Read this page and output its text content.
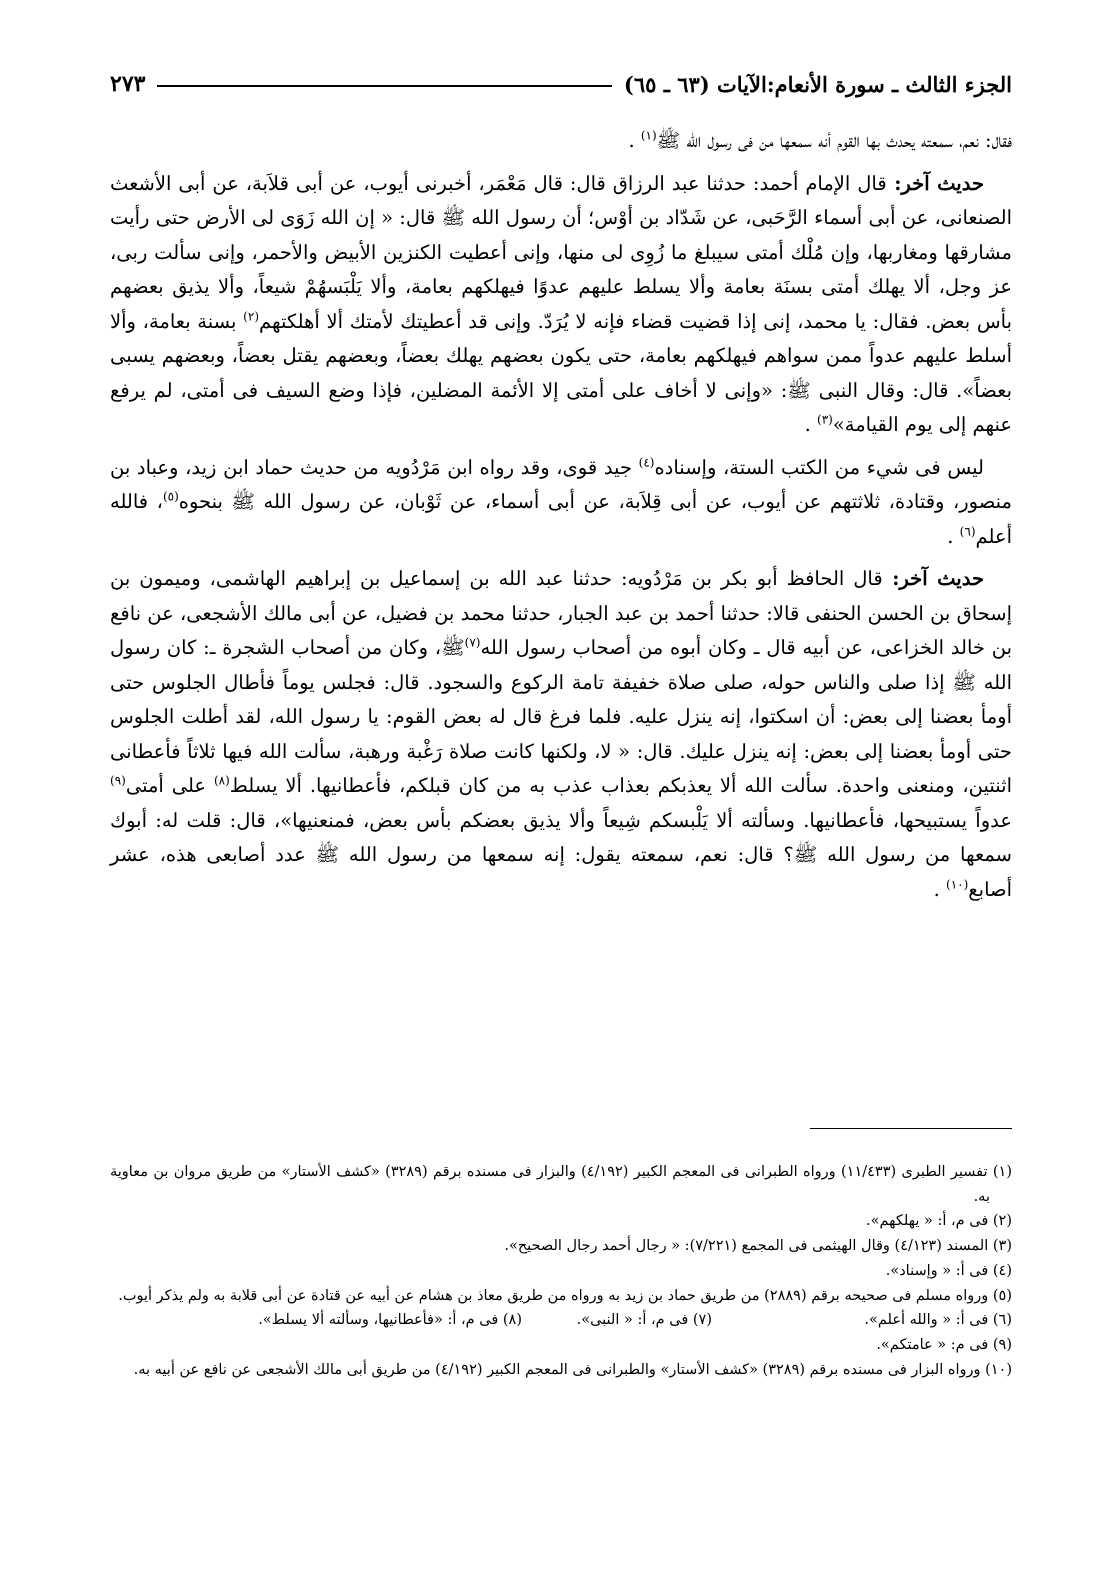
الجزء الثالث ـ سورة الأنعام:الآيات (٦٣ ـ ٦٥)
٢٧٣

فقال: نعم، سمعته يحدث بها القوم أنه سمعها من فى رسول الله ﷺ$^{(١)}$ .

حديث آخر: قال الإمام أحمد: حدثنا عبد الرزاق قال: قال مَعْمَر، أخبرنى أيوب، عن أبى قلاَبة، عن أبى الأشعث الصنعانى، عن أبى أسماء الرَّحَبى، عن شَدّاد بن أوْس؛ أن رسول الله ﷺ قال: « إن الله زَوَى لى الأرض حتى رأيت مشارقها ومغاربها، وإن مُلْك أمتى سيبلغ ما زُوِى لى منها، وإنى أعطيت الكنزين الأبيض والأحمر، وإنى سألت ربى، عز وجل، ألا يهلك أمتى بسنَة بعامة وألا يسلط عليهم عدوًا فيهلكهم بعامة، وألا يَلْبَسهُمْ شيعاً، وألا يذيق بعضهم بأس بعض. فقال: يا محمد، إنى إذا قضيت قضاء فإنه لا يُرَدّ. وإنى قد أعطيتك لأمتك ألا أهلكتهم$^{(٢)}$ بسنة بعامة، وألا أسلط عليهم عدواً ممن سواهم فيهلكهم بعامة، حتى يكون بعضهم يهلك بعضاً، وبعضهم يقتل بعضاً، وبعضهم يسبى بعضاً». قال: وقال النبى ﷺ: «وإنى لا أخاف على أمتى إلا الأئمة المضلين، فإذا وضع السيف فى أمتى، لم يرفع عنهم إلى يوم القيامة»$^{(٣)}$ .

ليس فى شيء من الكتب الستة، وإسناده$^{(٤)}$ جيد قوى، وقد رواه ابن مَرْدُويه من حديث حماد ابن زيد، وعباد بن منصور، وقتادة، ثلاثتهم عن أيوب، عن أبى قِلاَبة، عن أبى أسماء، عن ثَوْبان، عن رسول الله ﷺ بنحوه$^{(٥)}$، فالله أعلم$^{(٦)}$ .

حديث آخر: قال الحافظ أبو بكر بن مَرْدُويه: حدثنا عبد الله بن إسماعيل بن إبراهيم الهاشمى، وميمون بن إسحاق بن الحسن الحنفى قالا: حدثنا أحمد بن عبد الجبار، حدثنا محمد بن فضيل، عن أبى مالك الأشجعى، عن نافع بن خالد الخزاعى، عن أبيه قال ـ وكان أبوه من أصحاب رسول الله$^{(٧)}$ﷺ، وكان من أصحاب الشجرة ـ: كان رسول الله ﷺ إذا صلى والناس حوله، صلى صلاة خفيفة تامة الركوع والسجود. قال: فجلس يوماً فأطال الجلوس حتى أومأ بعضنا إلى بعض: أن اسكتوا، إنه ينزل عليه. فلما فرغ قال له بعض القوم: يا رسول الله، لقد أطلت الجلوس حتى أومأ بعضنا إلى بعض: إنه ينزل عليك. قال: « لا، ولكنها كانت صلاة رَغْبة ورهبة، سألت الله فيها ثلاثاً فأعطانى اثنتين، ومنعنى واحدة. سألت الله ألا يعذبكم بعذاب عذب به من كان قبلكم، فأعطانيها. ألا يسلط$^{(٨)}$ على أمتى$^{(٩)}$ عدواً يستبيحها، فأعطانيها. وسألته ألا يَلْبسكم شِيعاً وألا يذيق بعضكم بأس بعض، فمنعنيها»، قال: قلت له: أبوك سمعها من رسول الله ﷺ؟ قال: نعم، سمعته يقول: إنه سمعها من رسول الله ﷺ عدد أصابعى هذه، عشر أصابع$^{(١٠)}$ .

(١) تفسير الطبرى (١١/٤٣٣) ورواه الطبرانى فى المعجم الكبير (٤/١٩٢) والبزار فى مسنده برقم (٣٢٨٩) «كشف الأستار» من طريق مروان بن معاوية به.

(٢) فى م، أ: « يهلكهم».

(٣) المسند (٤/١٢٣) وقال الهيثمى فى المجمع (٧/٢٢١): « رجال أحمد رجال الصحيح».

(٤) فى أ: « وإسناد».

(٥) ورواه مسلم فى صحيحه برقم (٢٨٨٩) من طريق حماد بن زيد به ورواه من طريق معاذ بن هشام عن أبيه عن قتادة عن أبى قلابة به ولم يذكر أيوب.

(٦) فى أ: « والله أعلم».
(٧) فى م، أ: « النبى».
(٨) فى م، أ: «فأعطانيها، وسألته ألا يسلط».

(٩) فى م: « عامتكم».

(١٠) ورواه البزار فى مسنده برقم (٣٢٨٩) «كشف الأستار» والطبرانى فى المعجم الكبير (٤/١٩٢) من طريق أبى مالك الأشجعى عن نافع عن أبيه به.
